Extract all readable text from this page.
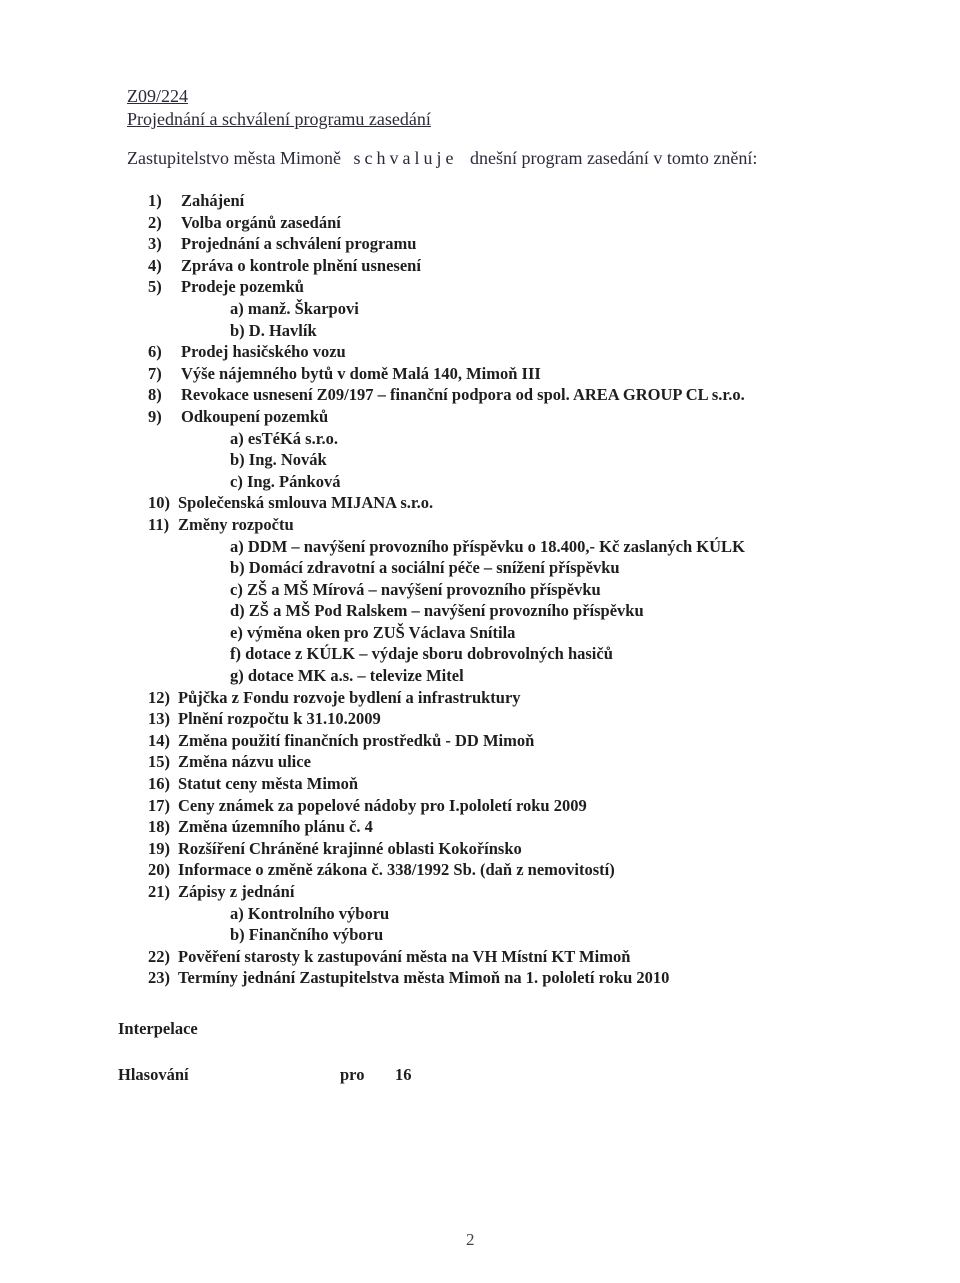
Z09/224
Projednání a schválení programu zasedání
Zastupitelstvo města Mimoně schvaluje dnešní program zasedání v tomto znění:
1) Zahájení
2) Volba orgánů zasedání
3) Projednání a schválení programu
4) Zpráva o kontrole plnění usnesení
5) Prodeje pozemků
a) manž. Škarpovi
b) D. Havlík
6) Prodej hasičského vozu
7) Výše nájemného bytů v domě Malá 140, Mimoň III
8) Revokace usnesení Z09/197 – finanční podpora od spol. AREA GROUP CL s.r.o.
9) Odkoupení pozemků
a) esTéKá s.r.o.
b) Ing. Novák
c) Ing. Pánková
10) Společenská smlouva MIJANA s.r.o.
11) Změny rozpočtu
a) DDM – navýšení provozního příspěvku o 18.400,- Kč zaslaných KÚLK
b) Domácí zdravotní a sociální péče – snížení příspěvku
c) ZŠ a MŠ Mírová – navýšení provozního příspěvku
d) ZŠ a MŠ Pod Ralskem – navýšení provozního příspěvku
e) výměna oken pro ZUŠ Václava Snítila
f) dotace z KÚLK – výdaje sboru dobrovolných hasičů
g) dotace MK a.s. – televize Mitel
12) Půjčka z Fondu rozvoje bydlení a infrastruktury
13) Plnění rozpočtu k 31.10.2009
14) Změna použití finančních prostředků - DD Mimoň
15) Změna názvu ulice
16) Statut ceny města Mimoň
17) Ceny známek za popelové nádoby pro I.pololetí roku 2009
18) Změna územního plánu č. 4
19) Rozšíření Chráněné krajinné oblasti Kokořínsko
20) Informace o změně zákona č. 338/1992 Sb. (daň z nemovitostí)
21) Zápisy z jednání
a) Kontrolního výboru
b) Finančního výboru
22) Pověření starosty k zastupování města na VH Místní KT Mimoň
23) Termíny jednání Zastupitelstva města Mimoň na 1. pololetí roku 2010
Interpelace
Hlasování	pro 16
2
